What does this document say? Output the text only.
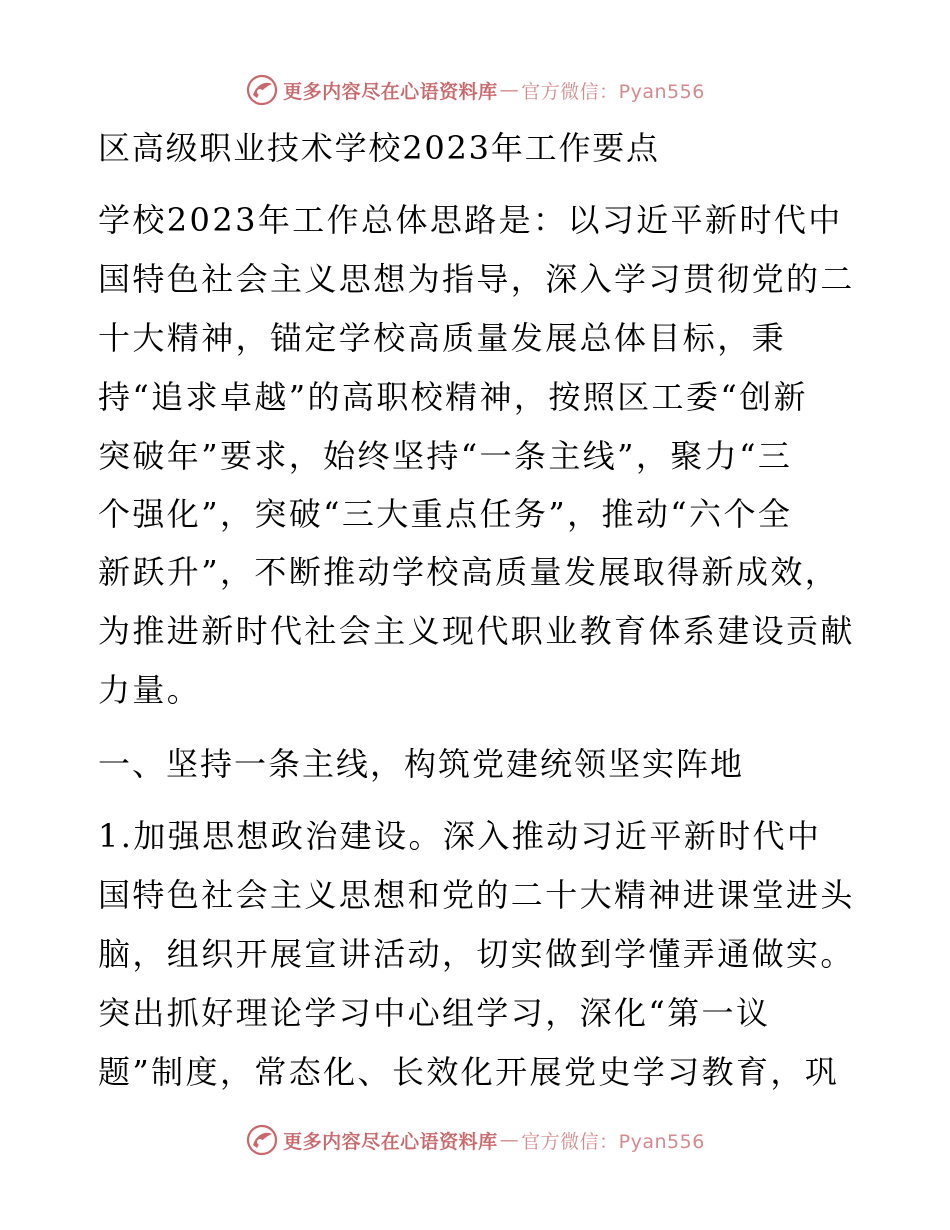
更多内容尽在心语资料库 — 官方微信：Pyan556
区高级职业技术学校2023年工作要点
学校2023年工作总体思路是：以习近平新时代中
国特色社会主义思想为指导，深入学习贯彻党的二
十大精神，锚定学校高质量发展总体目标，秉
持“追求卓越”的高职校精神，按照区工委“创新
突破年”要求，始终坚持“一条主线”，聚力“三
个强化”，突破“三大重点任务”，推动“六个全
新跃升”，不断推动学校高质量发展取得新成效，
为推进新时代社会主义现代职业教育体系建设贡献
力量。
一、坚持一条主线，构筑党建统领坚实阵地
1.加强思想政治建设。深入推动习近平新时代中
国特色社会主义思想和党的二十大精神进课堂进头
脑，组织开展宣讲活动，切实做到学懂弄通做实。
突出抓好理论学习中心组学习，深化“第一议
题”制度，常态化、长效化开展党史学习教育，巩
更多内容尽在心语资料库 — 官方微信：Pyan556
